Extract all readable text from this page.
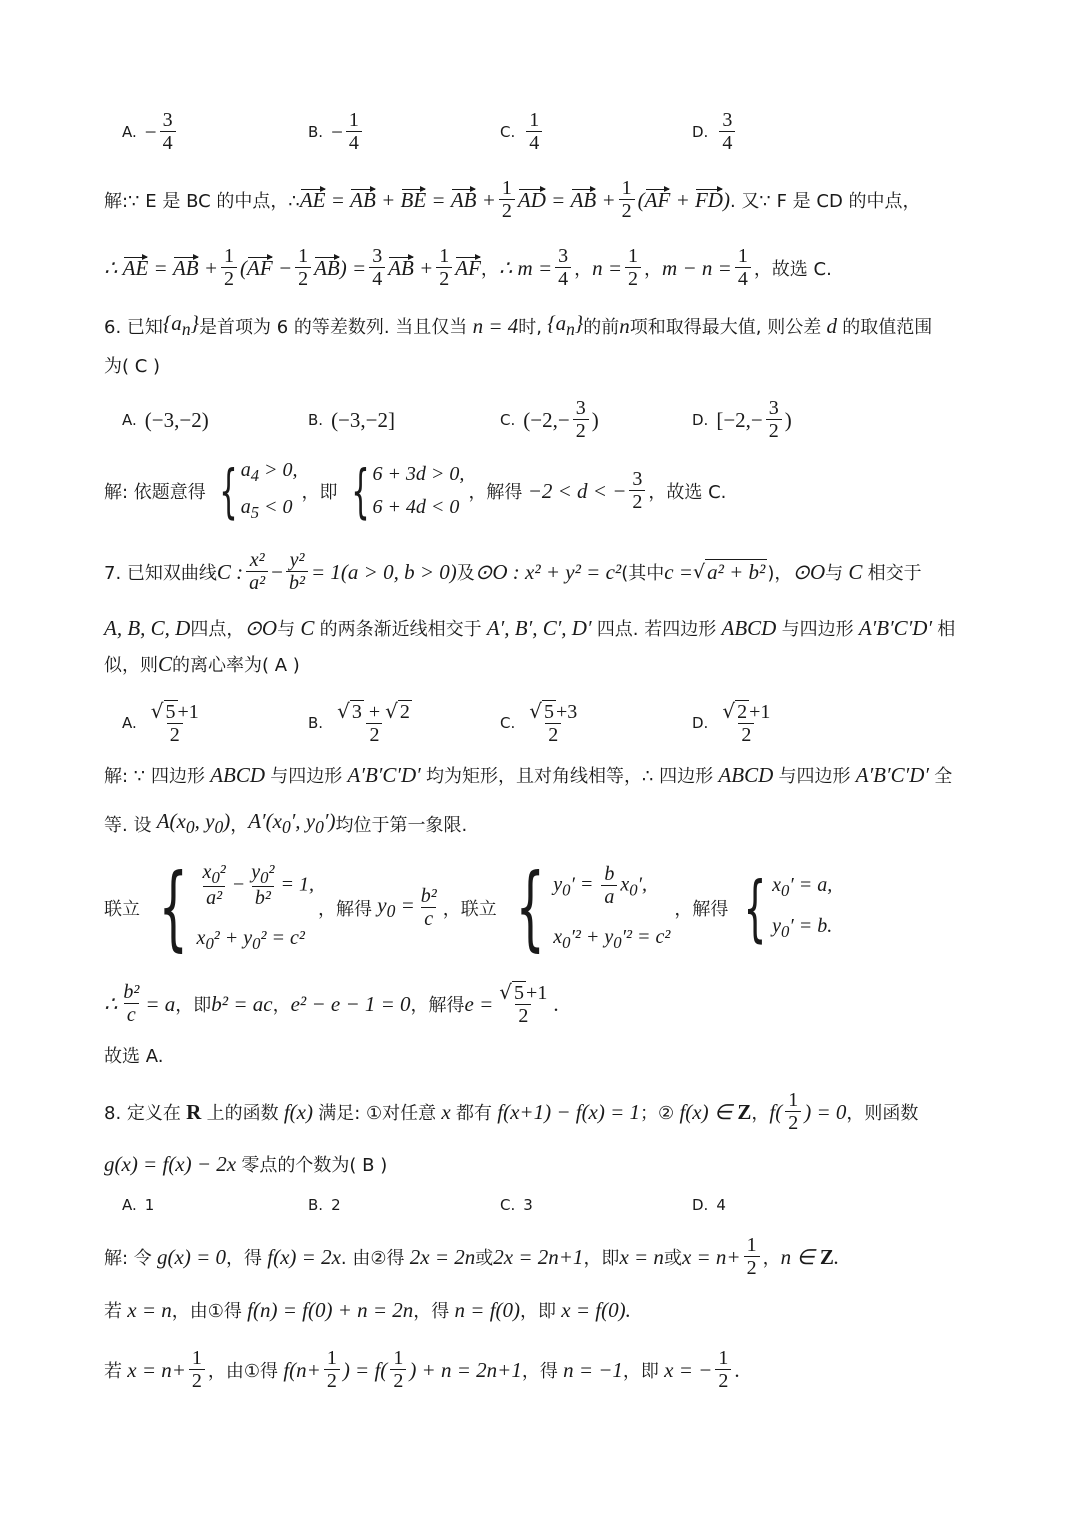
A. − $\frac{3}{4}$	B. − $\frac{1}{4}$	C. $\frac{1}{4}$	D. $\frac{3}{4}$
解: ∵ E 是 BC 的中点，∴ AE = AB + BE = AB + $\frac{1}{2}$ AD = AB + $\frac{1}{2} (AF + FD)$ . 又∵ F 是 CD 的中点，
∴ AE = AB + $\frac{1}{2} (AF - \frac{1}{2} AB) = \frac{3}{4}$ AB + $\frac{1}{2}$ AF ， ∴ $m = \frac{3}{4}$ ， $n = \frac{1}{2}$ ， $m - n = \frac{1}{4}$ ，故选 C.
6. 已知 $\{a_n\}$ 是首项为 6 的等差数列. 当且仅当 n = 4 时, $\{a_n\}$ 的前 n 项和取得最大值, 则公差 d 的取值范围
为( C )
A. (−3,−2)	B. (−3,−2]	C. ($-2,- \frac{3}{2}$ )	D. [$-2,- \frac{3}{2}$ )
解: 依题意得 { $a_4 > 0$,
$a_5 < 0$
，即 { 6 + 3d > 0,
6 + 4d < 0
，解得 −2 < d < − $\frac{3}{2}$ ，故选 C.
7. 已知双曲线 C : $\frac{\text{x²}}{\text{a²}} - \frac{\text{y²}}{\text{b²}} = 1(a > 0$, b > 0) 及 ⊙O : x² + y² = c² (其中 c = √ a² + b² )， ⊙O 与 C 相交于
A, B, C, D 四点， ⊙O 与 C 的两条渐近线相交于 A′, B′, C′, D′ 四点. 若四边形 ABCD 与四边形 A′B′C′D′ 相
似，则 C 的离心率为( A )
A. $\frac{√ 5 +1}{2}$	B. $\frac{√ 3 + √ 2}{2}$	C. $\frac{√ 5 +3}{2}$	D. $\frac{√ 2 +1}{2}$
解: ∵ 四边形 ABCD 与四边形 A′B′C′D′ 均为矩形，且对角线相等，∴ 四边形 ABCD 与四边形 A′B′C′D′ 全
等. 设 $A(x_0$, $y_0$) ， $A'(x_0'$, $y_0'$) 均位于第一象限.
联立 { $\frac{x_0^2}{\text{a²}} - \frac{y_0^2}{\text{b²}} = 1$,
$x_0^2 + y_0^2 = c^2$
，解得 $y_0 = \frac{\text{b²}}{c}$ ，联立 { $y_0' = \frac{b}{a} x_0'$,
$x_0'^2 + y_0'^2 = c^2$
，解得 { $x_0' = a$,
$y_0' = b$.
∴ $\frac{\text{b²}}{c} = a$ ，即 b² = ac ， e² − e − 1 = 0 ，解得 $e = \frac{√ 5 +1}{2}$ .
故选 A.
8. 定义在 R 上的函数 f(x) 满足: ①对任意 x 都有 f(x+1) − f(x) = 1 ；② f(x) ∈ Z ， $f( \frac{1}{2}$ ) = 0 ，则函数
g(x) = f(x) − 2x 零点的个数为( B )
A. 1	B. 2	C. 3	D. 4
解: 令 g(x) = 0 ，得 f(x) = 2x . 由②得 2x = 2n 或 2x = 2n+1 ，即 x = n 或 $x = n+ \frac{1}{2}$ ， n ∈ Z.
若 x = n ，由①得 f(n) = f(0) + n = 2n ，得 n = f(0) ，即 x = f(0).
若 $x = n+ \frac{1}{2}$ ，由①得 $f(n+ \frac{1}{2}$ ) = $f( \frac{1}{2}$ ) + n = 2n+1 ，得 n = −1 ，即 x = − $\frac{1}{2}$ .
